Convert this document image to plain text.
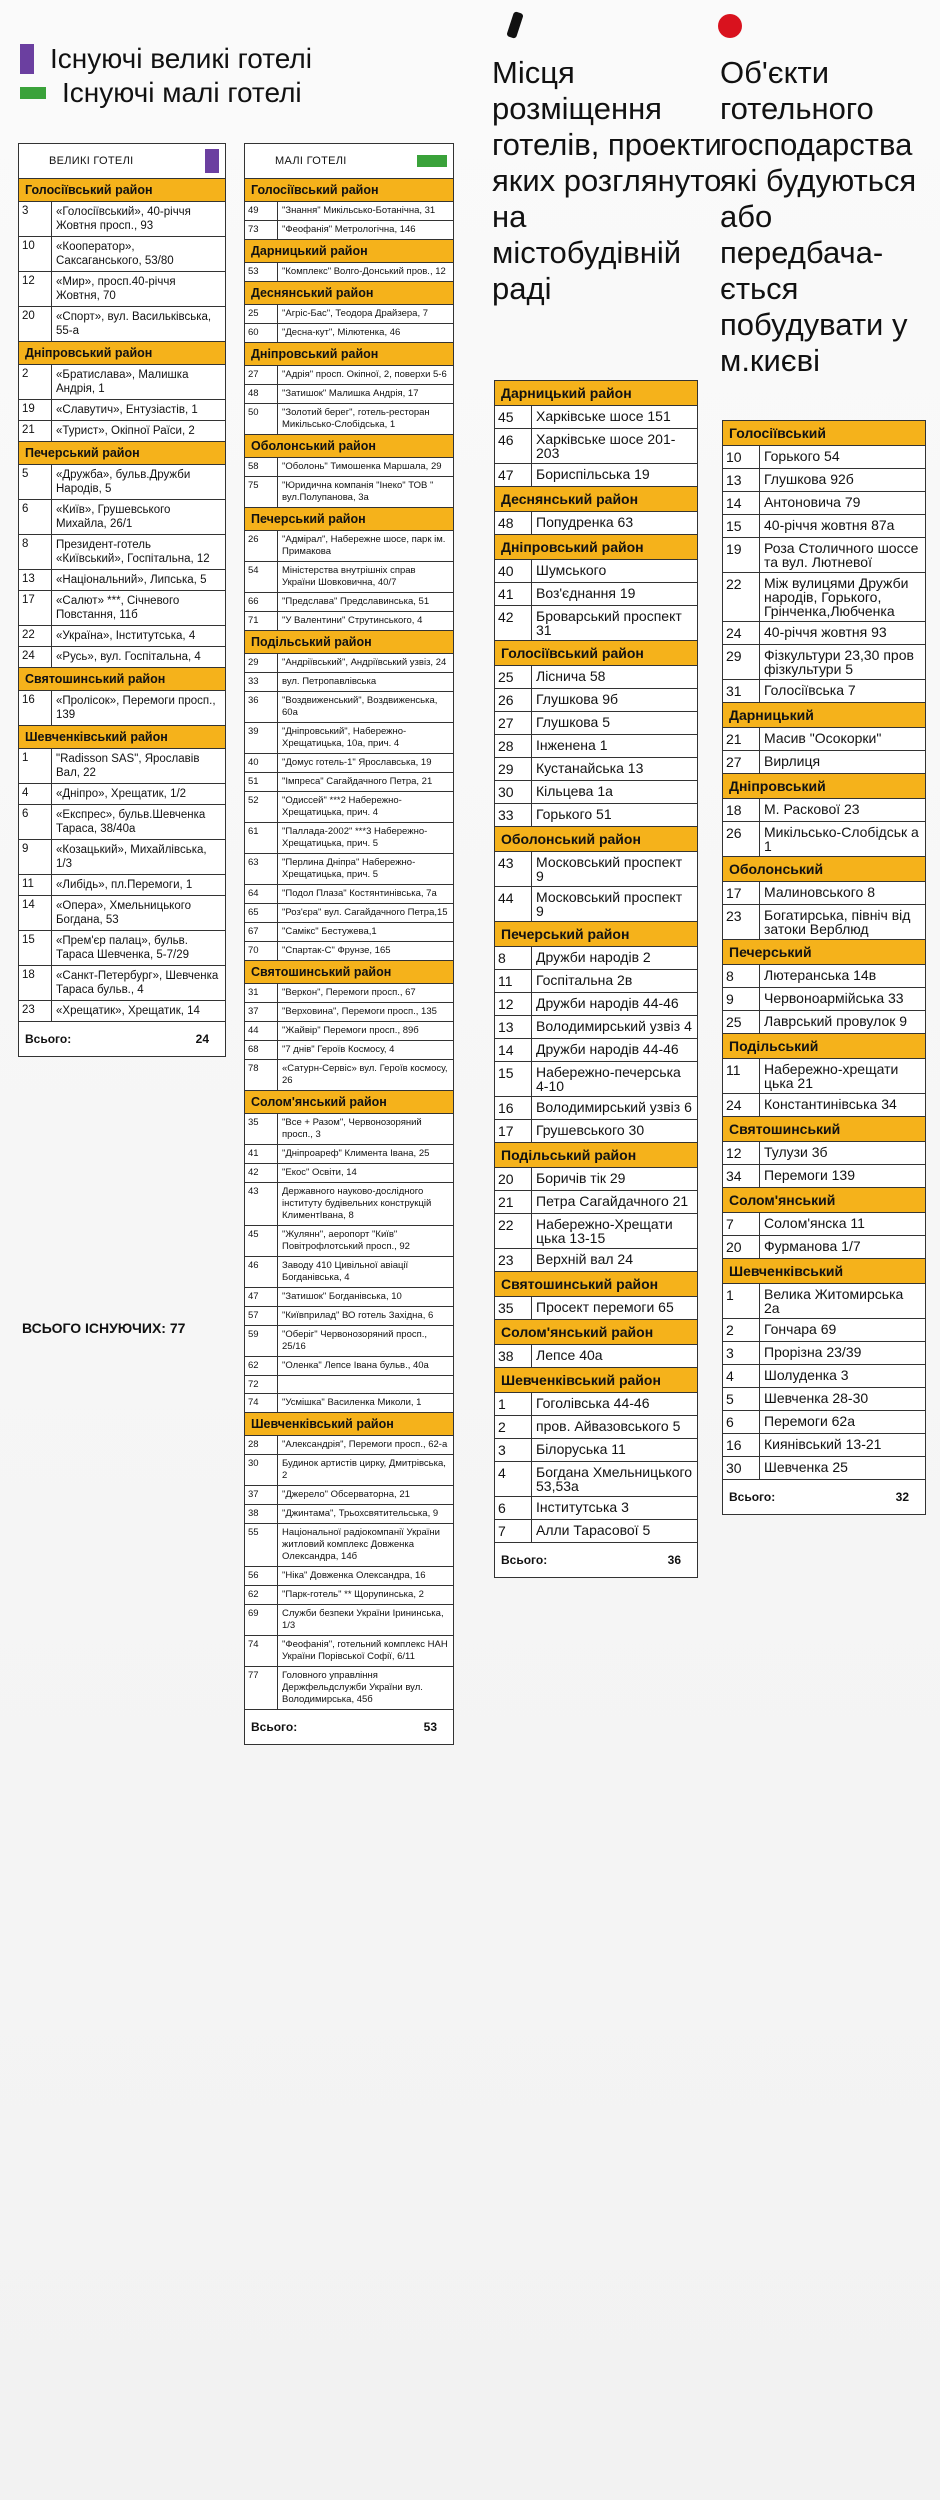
Існуючі великі готелі
Існуючі малі готелі
Місця розміщення готелів, проекти яких розглянуто на містобудівній раді
Об'єкти готельного господарства які будуються або передбача-ється побудувати у м.києві
ВЕЛИКІ ГОТЕЛІ
Голосіївський район
3	«Голосіївський», 40-річчя Жовтня просп., 93
10	«Кооператор», Саксаганського, 53/80
12	«Мир», просп.40-річчя Жовтня, 70
20	«Спорт», вул. Васильківська, 55-а
Дніпровський район
2	«Братиславa», Малишка Андрія, 1
19	«Славутич», Ентузіастів, 1
21	«Турист», Окіпної Раїси, 2
Печерський район
5	«Дружба», бульв.Дружби Народів, 5
6	«Київ», Грушевського Михайла, 26/1
8	Президент-готель «Київський», Госпітальна, 12
13	«Національний», Липська, 5
17	«Салют» ***, Січневого Повстання, 11б
22	«Україна», Інститутська, 4
24	«Русь», вул. Госпітальна, 4
Святошинський район
16	«Пролісок», Перемоги просп., 139
Шевченківський район
1	"Radisson SAS", Ярославів Вал, 22
4	«Дніпро», Хрещатик, 1/2
6	«Експрес», бульв.Шевченка Тараса, 38/40а
9	«Козацький», Михайлівська, 1/3
11	«Либідь», пл.Перемоги, 1
14	«Опера», Хмельницького Богдана, 53
15	«Прем'єр палац», бульв. Тараса Шевченка, 5-7/29
18	«Санкт-Петербург», Шевченка Тараса бульв., 4
23	«Хрещатик», Хрещатик, 14
Всього:	24
ВСЬОГО ІСНУЮЧИХ: 77
МАЛІ ГОТЕЛІ
Голосіївський район
49	"Знання" Микільсько-Ботанічна, 31
73	"Феофанія" Метрологічна, 146
Дарницький район
53	"Комплекс" Волго-Донський пров., 12
Деснянський район
25	"Агріс-Бас", Теодора Драйзера, 7
60	"Десна-кут", Мілютенка, 46
Дніпровський район
27	"Адрія" просп. Окіпної, 2, поверхи 5-6
48	"Затишок" Малишка Андрія, 17
50	"Золотий берег", готель-ресторан Микільсько-Слобідська, 1
Оболонський район
58	"Оболонь" Тимошенка Маршала, 29
75	"Юридична компанія "Інеко" ТОВ " вул.Полупанова, 3а
Печерський район
26	"Адмірал", Набережне шосе, парк ім. Примакова
54	Міністерства внутрішніх справ України Шовковична, 40/7
66	"Предславa" Предславинська, 51
71	"У Валентини" Струтинського, 4
Подільський район
29	"Андріївський", Андріївський узвіз, 24
33	вул. Петропавлівська
36	"Воздвиженський", Воздвиженська, 60а
39	"Дніпровський", Набережно-Хрещатицька, 10а, прич. 4
40	"Домус готель-1" Ярославська, 19
51	"Імпреса" Сагайдачного Петра, 21
52	"Одиссей" ***2 Набережно-Хрещатицька, прич. 4
61	"Паллада-2002" ***3 Набережно-Хрещатицька, прич. 5
63	"Перлина Дніпра" Набережно-Хрещатицька, прич. 5
64	"Подол Плаза" Костянтинівська, 7а
65	"Роз'єра" вул. Сагайдачного Петра,15
67	"Самікс" Бестужева,1
70	"Спартак-С" Фрунзе, 165
Святошинський район
31	"Веркон", Перемоги просп., 67
37	"Верховина", Перемоги просп., 135
44	"Жайвір" Перемоги просп., 89б
68	"7 днів" Героїв Космосу, 4
78	«Сатурн-Сервіс» вул. Героїв космосу, 26
Солом'янський район
35	"Все + Разом", Червонозоряний просп., 3
41	"Дніпроареф" Климента Івана, 25
42	"Екос" Освіти, 14
43	Державного науково-дослідного інституту будівельних конструкцій КлиментІвана, 8
45	"Жулянн", аеропорт "Київ" Повітрофлотський просп., 92
46	Заводу 410 Цивільної авіації Богданівська, 4
47	"Затишок" Богданівська, 10
57	"Київприлад" ВО готель Західна, 6
59	"Оберіг" Червонозоряний просп., 25/16
62	"Оленка" Лепсе Івана бульв., 40а
72
74	"Усмішка" Василенка Миколи, 1
Шевченківський район
28	"Александрія", Перемоги просп., 62-а
30	Будинок артистів цирку, Дмитрівська, 2
37	"Джерело" Обсерваторна, 21
38	"Джинтама", Трьохсвятительська, 9
55	Національної радіокомпанії України житловий комплекс Довженка Олександра, 14б
56	"Ніка" Довженка Олександра, 16
62	"Парк-готель" ** Щорупинська, 2
69	Служби безпеки України Ірининська, 1/3
74	"Феофанія", готельний комплекс НАН України Порівської Софії, 6/11
77	Головного управління Держфельдслужби України вул. Володимирська, 45б
Всього:	53
Дарницький район
45	Харківське шосе 151
46	Харківське шосе 201-203
47	Бориспільська 19
Деснянський район
48	Попудренка 63
Дніпровський район
40	Шумського
41	Воз'єднання 19
42	Броварський проспект 31
Голосіївський район
25	Лісничa 58
26	Глушкова 9б
27	Глушкова 5
28	Інженена 1
29	Кустанайська 13
30	Кільцева 1а
33	Горького 51
Оболонський район
43	Московський проспект 9
44	Московський проспект 9
Печерський район
8	Дружби народів 2
11	Госпітальна 2в
12	Дружби народів 44-46
13	Володимирський узвіз 4
14	Дружби народів 44-46
15	Набережно-печерська 4-10
16	Володимирський узвіз 6
17	Грушевського 30
Подільський район
20	Боричів тік 29
21	Петра Сагайдачного 21
22	Набережно-Хрещати цька 13-15
23	Верхній вал 24
Святошинський район
35	Просект перемоги 65
Солом'янський район
38	Лепсе 40а
Шевченківський район
1	Гоголівська 44-46
2	пров. Айвазовського 5
3	Білоруська 11
4	Богдана Хмельницького 53,53а
6	Інститутська 3
7	Алли Тарасової 5
Всього:	36
Голосіївський
10	Горького 54
13	Глушкова 92б
14	Антоновича 79
15	40-річчя жовтня 87а
19	Роза Столичного шоссе та вул. Лютневої
22	Між вулицями Дружби народів, Горького, Грінченка,Любченка
24	40-річчя жовтня 93
29	Фізкультури 23,30 пров фізкультури 5
31	Голосіївська 7
Дарницький
21	Масив "Осокорки"
27	Вирлиця
Дніпровський
18	М. Раскової 23
26	Микільсько-Слобідськ а 1
Оболонський
17	Малиновського 8
23	Богатирська, північ від затоки Верблюд
Печерський
8	Лютеранська 14в
9	Червоноармійська 33
25	Лаврський провулок 9
Подільський
11	Набережно-хрещати цька 21
24	Константинівська 34
Святошинський
12	Тулузи 3б
34	Перемоги 139
Солом'янський
7	Солом'янска 11
20	Фурманова 1/7
Шевченківський
1	Велика Житомирська 2а
2	Гончара 69
3	Прорізна 23/39
4	Шолуденка 3
5	Шевченка 28-30
6	Перемоги 62а
16	Киянівський 13-21
30	Шевченка 25
Всього:	32
